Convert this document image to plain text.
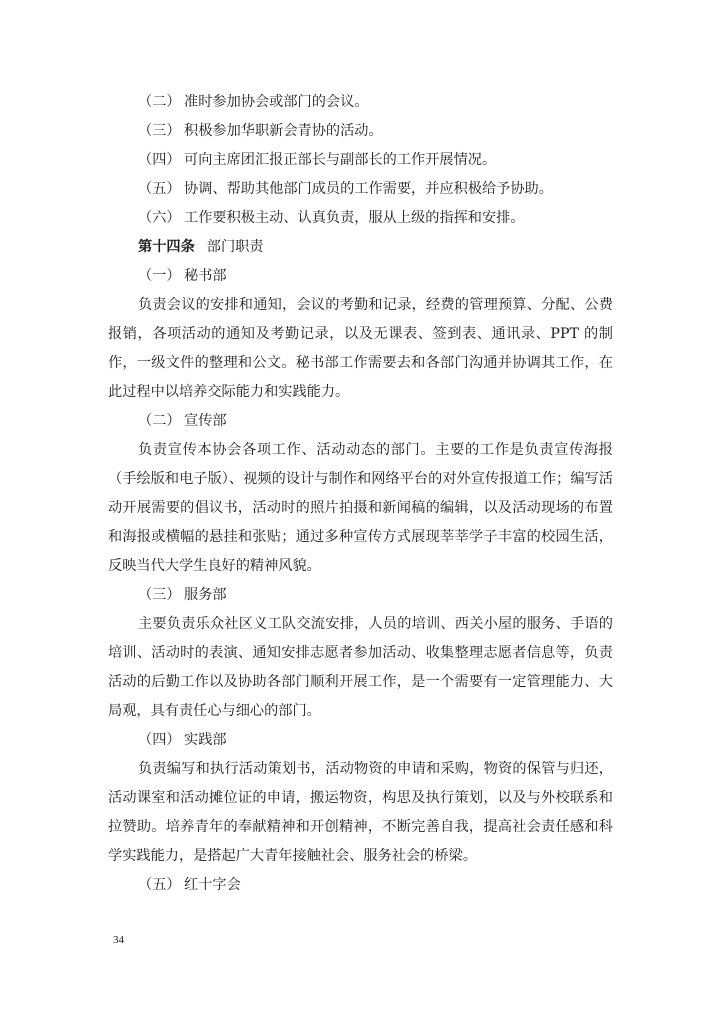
（二） 准时参加协会或部门的会议。
（三） 积极参加华职新会青协的活动。
（四） 可向主席团汇报正部长与副部长的工作开展情况。
（五） 协调、帮助其他部门成员的工作需要，并应积极给予协助。
（六） 工作要积极主动、认真负责，服从上级的指挥和安排。
第十四条 部门职责
（一） 秘书部
负责会议的安排和通知，会议的考勤和记录，经费的管理预算、分配、公费报销，各项活动的通知及考勤记录，以及无课表、签到表、通讯录、PPT 的制作，一级文件的整理和公文。秘书部工作需要去和各部门沟通并协调其工作，在此过程中以培养交际能力和实践能力。
（二） 宣传部
负责宣传本协会各项工作、活动动态的部门。主要的工作是负责宣传海报（手绘版和电子版）、视频的设计与制作和网络平台的对外宣传报道工作；编写活动开展需要的倡议书，活动时的照片拍摄和新闻稿的编辑，以及活动现场的布置和海报或横幅的悬挂和张贴；通过多种宣传方式展现莘莘学子丰富的校园生活，反映当代大学生良好的精神风貌。
（三） 服务部
主要负责乐众社区义工队交流安排，人员的培训、西关小屋的服务、手语的培训、活动时的表演、通知安排志愿者参加活动、收集整理志愿者信息等，负责活动的后勤工作以及协助各部门顺利开展工作，是一个需要有一定管理能力、大局观，具有责任心与细心的部门。
（四） 实践部
负责编写和执行活动策划书，活动物资的申请和采购，物资的保管与归还，活动课室和活动摊位证的申请，搬运物资，构思及执行策划，以及与外校联系和拉赞助。培养青年的奉献精神和开创精神，不断完善自我，提高社会责任感和科学实践能力，是搭起广大青年接触社会、服务社会的桥梁。
（五） 红十字会
34
